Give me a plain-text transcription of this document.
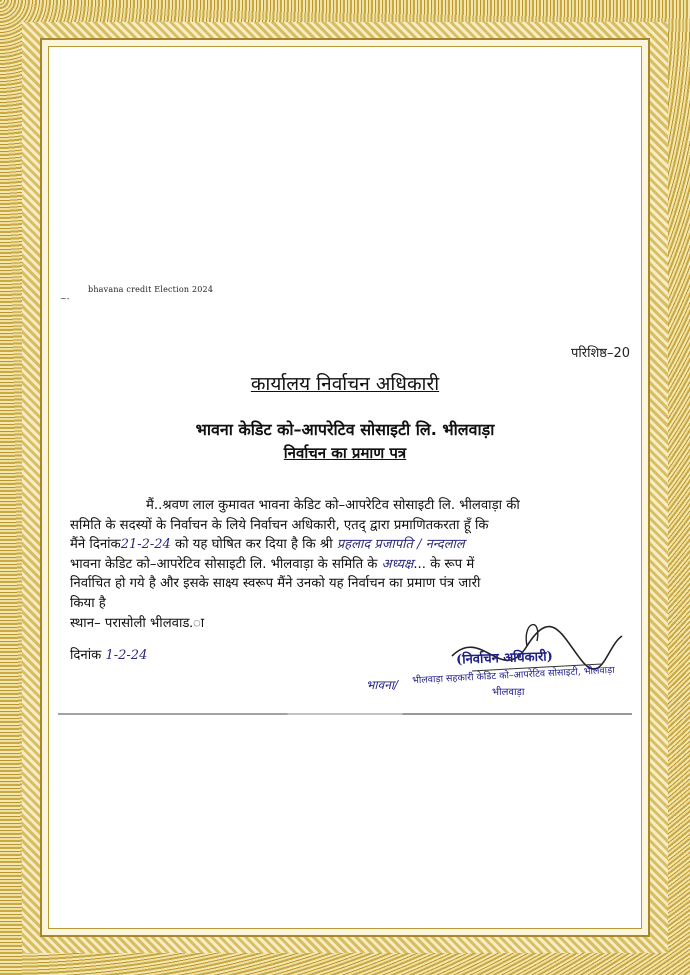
bhavana credit Election 2024
~-
परिशिष्ठ–20
कार्यालय निर्वाचन अधिकारी
भावना केडिट को–आपरेटिव सोसाइटी लि. भीलवाड़ा
निर्वाचन का प्रमाण पत्र
मैं..श्रवण लाल कुमावत भावना केडिट को–आपरेटिव सोसाइटी लि. भीलवाड़ा की
समिति के सदस्यों के निर्वाचन के लिये निर्वाचन अधिकारी, एतद् द्वारा प्रमाणितकरता हूँ कि
मैंने दिनांक21-2-24 को यह घोषित कर दिया है कि श्री प्रहलाद प्रजापति / नन्दलाल
भावना केडिट को–आपरेटिव सोसाइटी लि. भीलवाड़ा के समिति के अध्यक्ष... के रूप में
निर्वाचित हो गये है और इसके साक्ष्य स्वरूप मैंने उनको यह निर्वाचन का प्रमाण पंत्र जारी
किया है
स्थान– परासोली भीलवाड.ा
दिनांक 1-2-24	(निर्वाचन अधिकारी)
भावना/ भीलवाड़ा सहकारी केडिट को–आपरेटिव सोसाइटी, भीलवाड़ा
भीलवाड़ा
